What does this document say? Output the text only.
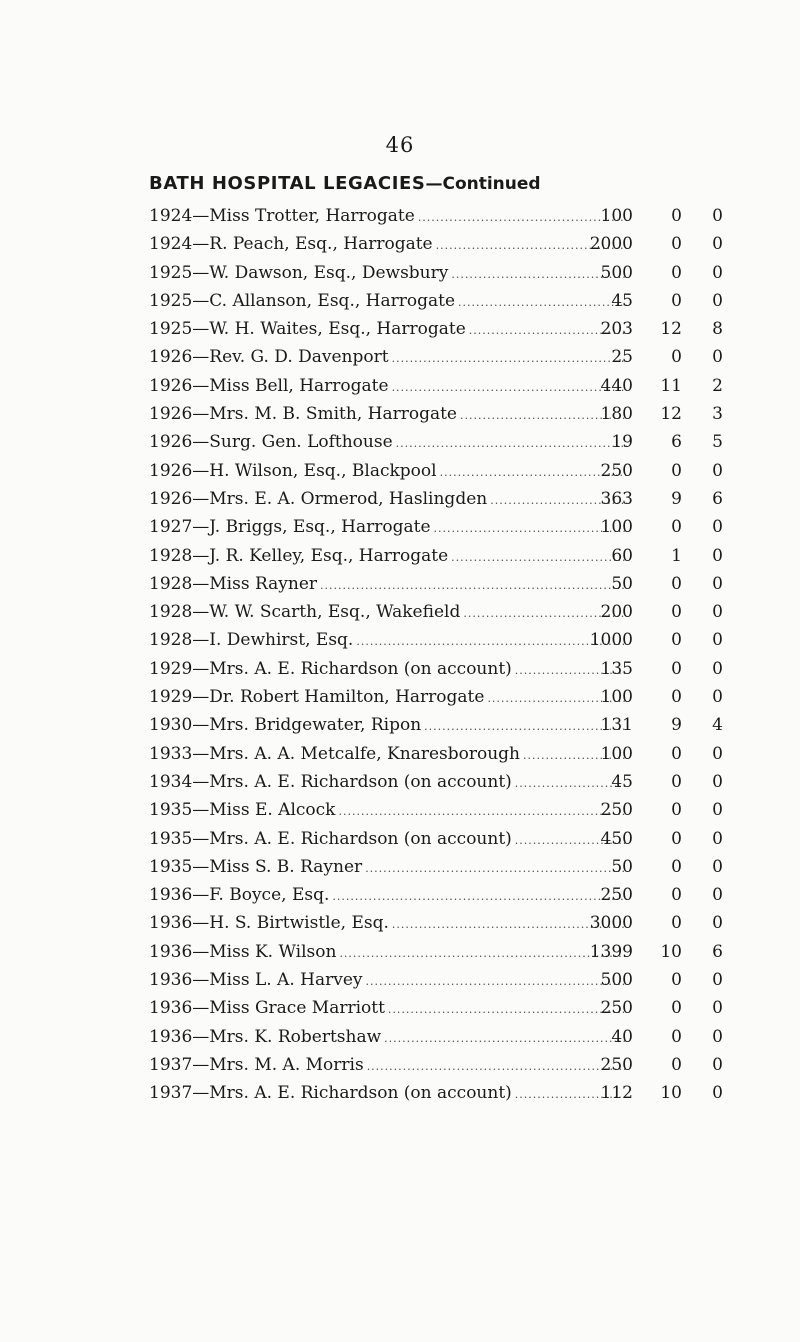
46
BATH HOSPITAL LEGACIES—Continued
1924—Miss Trotter, Harrogate .....	100 0 0
1924—R. Peach, Esq., Harrogate .....	2000 0 0
1925—W. Dawson, Esq., Dewsbury .....	500 0 0
1925—C. Allanson, Esq., Harrogate .....	45 0 0
1925—W. H. Waites, Esq., Harrogate .....	203 12 8
1926—Rev. G. D. Davenport .....	25 0 0
1926—Miss Bell, Harrogate .....	440 11 2
1926—Mrs. M. B. Smith, Harrogate .....	180 12 3
1926—Surg. Gen. Lofthouse .....	19 6 5
1926—H. Wilson, Esq., Blackpool .....	250 0 0
1926—Mrs. E. A. Ormerod, Haslingden .....	363 9 6
1927—J. Briggs, Esq., Harrogate .....	100 0 0
1928—J. R. Kelley, Esq., Harrogate .....	60 1 0
1928—Miss Rayner .....	50 0 0
1928—W. W. Scarth, Esq., Wakefield .....	200 0 0
1928—I. Dewhirst, Esq. .....	1000 0 0
1929—Mrs. A. E. Richardson (on account) .....	135 0 0
1929—Dr. Robert Hamilton, Harrogate .....	100 0 0
1930—Mrs. Bridgewater, Ripon .....	131 9 4
1933—Mrs. A. A. Metcalfe, Knaresborough .....	100 0 0
1934—Mrs. A. E. Richardson (on account) .....	45 0 0
1935—Miss E. Alcock .....	250 0 0
1935—Mrs. A. E. Richardson (on account) .....	450 0 0
1935—Miss S. B. Rayner .....	50 0 0
1936—F. Boyce, Esq. .....	250 0 0
1936—H. S. Birtwistle, Esq. .....	3000 0 0
1936—Miss K. Wilson .....	1399 10 6
1936—Miss L. A. Harvey .....	500 0 0
1936—Miss Grace Marriott .....	250 0 0
1936—Mrs. K. Robertshaw .....	40 0 0
1937—Mrs. M. A. Morris .....	250 0 0
1937—Mrs. A. E. Richardson (on account) .....	112 10 0
